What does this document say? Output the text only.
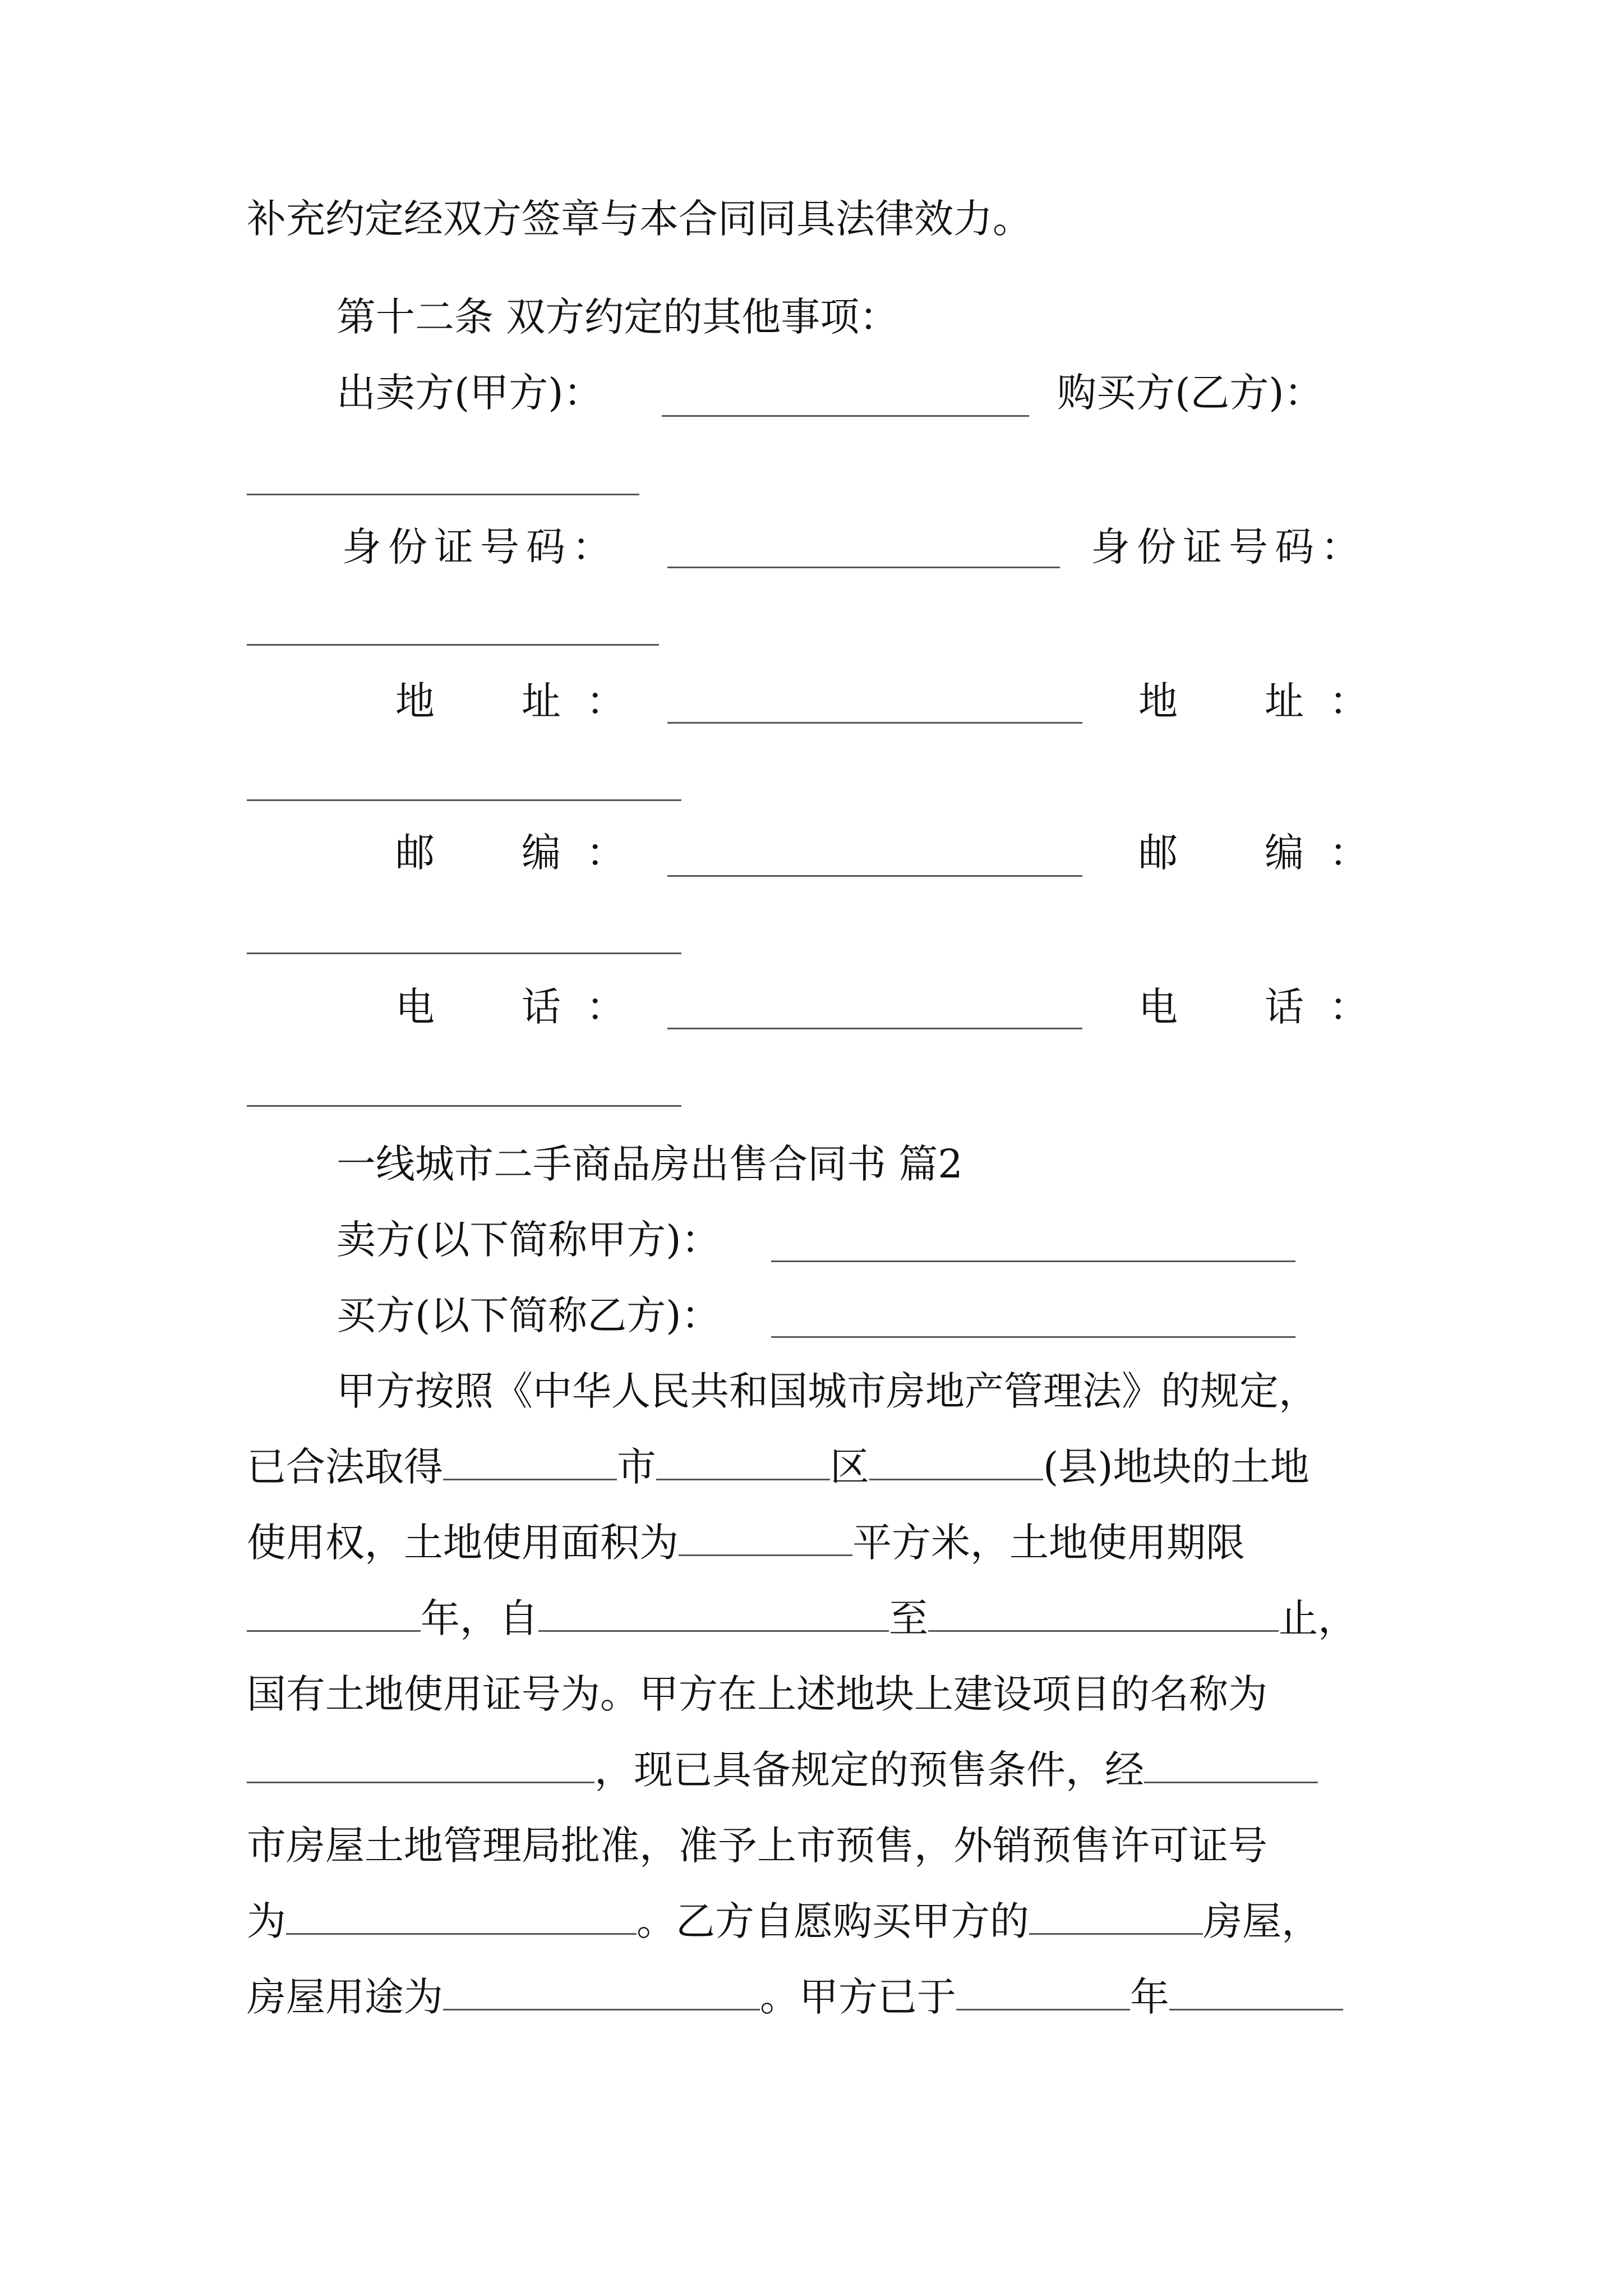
补充约定经双方签章与本合同同具法律效力。
第十二条 双方约定的其他事项：
出卖方(甲方)：	购买方(乙方)：
身份证号码：	身份证号码：
地 址 ：	地 址 ：
邮 编 ：	邮 编 ：
电 话 ：	电 话 ：
一线城市二手商品房出售合同书 篇2
卖方(以下简称甲方)：
买方(以下简称乙方)：
甲方按照《中华人民共和国城市房地产管理法》的规定，
已合法取得	市	区	(县)地块的土地
使用权，土地使用面积为	平方米，土地使用期限
年，自	至	止，
国有土地使用证号为。甲方在上述地块上建设项目的名称为
，现已具备规定的预售条件，经
市房屋土地管理局批准，准予上市预售，外销预售许可证号
为	。乙方自愿购买甲方的	房屋，
房屋用途为	。甲方已于	年
